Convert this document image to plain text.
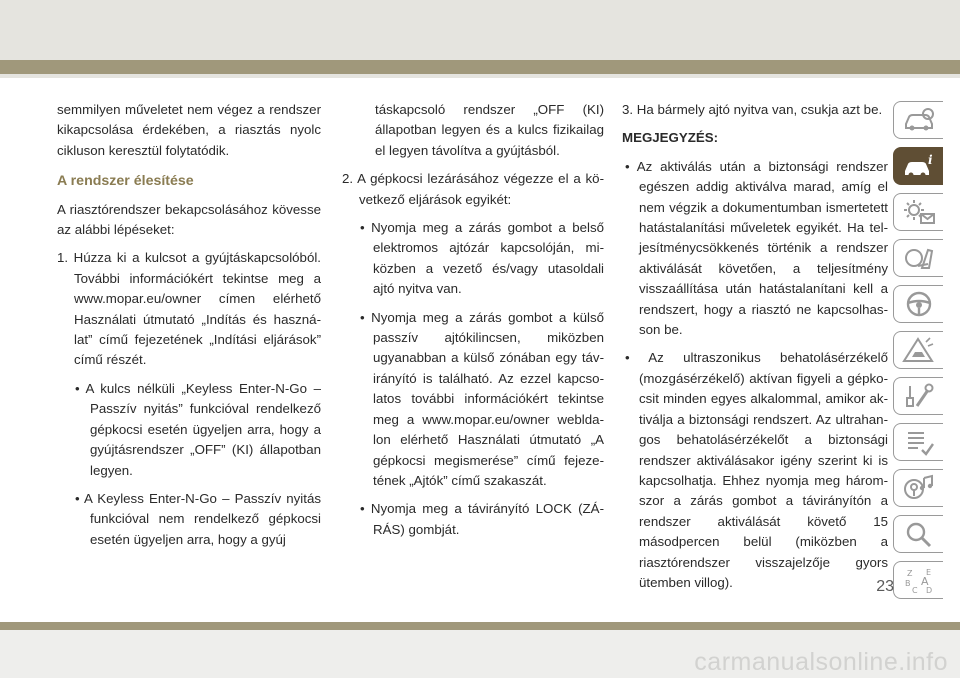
semmilyen műveletet nem végez a rendszer kikapcsolása érdekében, a riasztás nyolc cikluson keresztül folytatódik.

A rendszer élesítése

A riasztórendszer bekapcsolásához kövesse az alábbi lépéseket:

1. Húzza ki a kulcsot a gyújtáskapcsolóból. További információkért tekintse meg a www.mopar.eu/owner címen elérhető Használati útmutató „Indítás és használat” című fejezetének „Indítási eljárások” című részét.

• A kulcs nélküli „Keyless Enter-N-Go – Passzív nyitás” funkcióval rendelkező gépkocsi esetén ügyeljen arra, hogy a gyújtásrendszer „OFF” (KI) állapotban legyen.

• A Keyless Enter-N-Go – Passzív nyitás funkcióval nem rendelkező gépkocsi esetén ügyeljen arra, hogy a gyúj

táskapcsoló rendszer „OFF (KI) állapotban legyen és a kulcs fizikailag el legyen távolítva a gyújtásból.

2. A gépkocsi lezárásához végezze el a következő eljárások egyikét:

• Nyomja meg a zárás gombot a belső elektromos ajtózár kapcsolóján, miközben a vezető és/vagy utasoldali ajtó nyitva van.

• Nyomja meg a zárás gombot a külső passzív ajtókilincsen, miközben ugyanabban a külső zónában egy távirányító is található. Az ezzel kapcsolatos további információkért tekintse meg a www.mopar.eu/owner webldalon elérhető Használati útmutató „A gépkocsi megismerése” című fejezetének „Ajtók” című szakaszát.

• Nyomja meg a távirányító LOCK (ZÁRÁS) gombját.

3. Ha bármely ajtó nyitva van, csukja azt be.

MEGJEGYZÉS:

• Az aktiválás után a biztonsági rendszer egészen addig aktiválva marad, amíg el nem végzik a dokumentumban ismertetett hatástalanítási műveletek egyikét. Ha teljesítménycsökkenés történik a rendszer aktiválását követően, a teljesítmény visszaállítása után hatástalanítani kell a rendszert, hogy a riasztó ne kapcsolhasson be.

• Az ultraszonikus behatolásérzékelő (mozgásérzékelő) aktívan figyeli a gépkocsit minden egyes alkalommal, amikor aktiválja a biztonsági rendszert. Az ultrahangos behatolásérzékelőt a biztonsági rendszer aktiválásakor igény szerint ki is kapcsolhatja. Ehhez nyomja meg háromszor a zárás gombot a távirányítón a rendszer aktiválását követő 15 másodpercen belül (miközben a riasztórendszer visszajelzője gyors ütemben villog).

i
Z E
B A
C D
23
carmanualsonline.info
